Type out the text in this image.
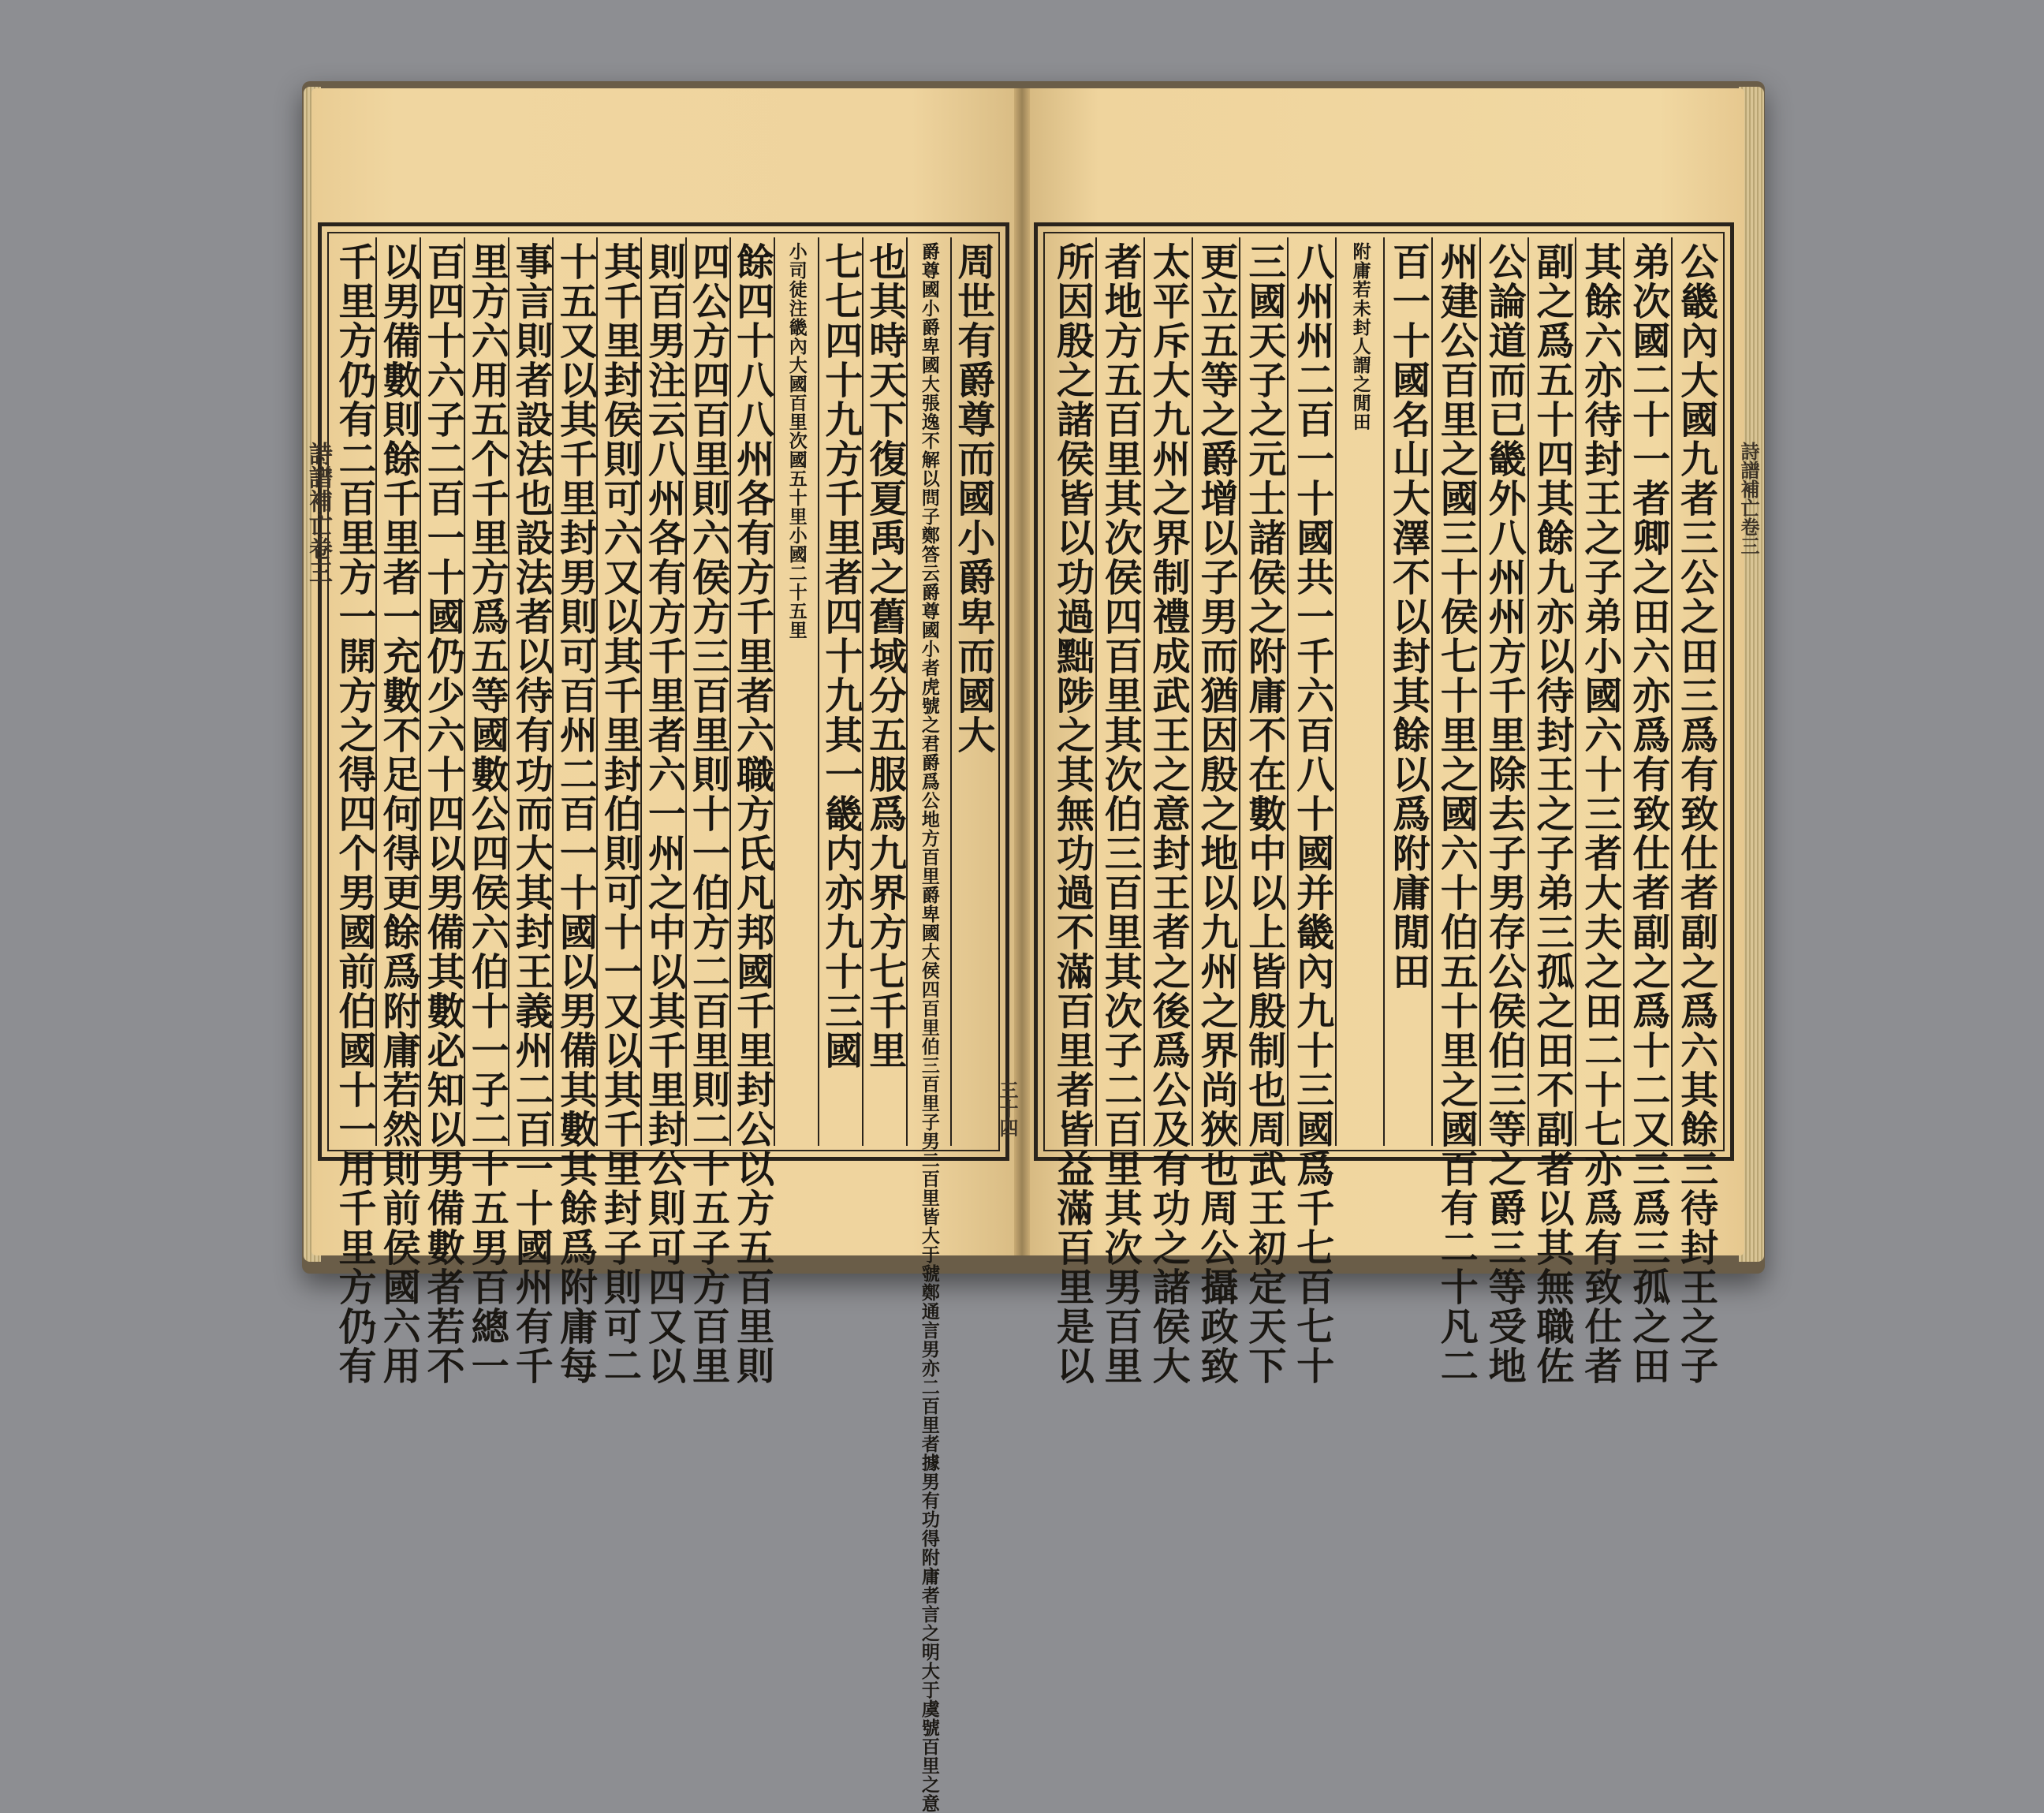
周世有爵尊而國小爵卑而國大
爵尊國小爵卑國大張逸不解以問子鄭答云爵尊國小者虎號之君爵爲公地方百里爵卑國大侯四百里伯三百里子男二百里皆大于虢鄭通言男亦二百里者據男有功得附庸者言之明大于虞號百里之意
也其時天下復夏禹之舊域分五服爲九界方七千里
七七四十九方千里者四十九其一畿内亦九十三國
小司徒注畿內大國百里次國五十里小國二十五里
餘四十八八州各有方千里者六職方氏凡邦國千里封公以方五百里則
四公方四百里則六侯方三百里則十一伯方二百里則二十五子方百里
則百男注云八州各有方千里者六一州之中以其千里封公則可四又以
其千里封侯則可六又以其千里封伯則可十一又以其千里封子則可二
十五又以其千里封男則可百州二百一十國以男備其數其餘爲附庸每
事言則者設法也設法者以待有功而大其封王義州二百一十國州有千
里方六用五个千里方爲五等國數公四侯六伯十一子二十五男百總一
百四十六子二百一十國仍少六十四以男備其數必知以男備數者若不
以男備數則餘千里者一充數不足何得更餘爲附庸若然則前侯國六用
千里方仍有二百里方一開方之得四个男國前伯國十一用千里方仍有	公畿內大國九者三公之田三爲有致仕者副之爲六其餘三待封王之子
弟次國二十一者卿之田六亦爲有致仕者副之爲十二又三爲三孤之田
其餘六亦待封王之子弟小國六十三者大夫之田二十七亦爲有致仕者
副之爲五十四其餘九亦以待封王之子弟三孤之田不副者以其無職佐
公論道而已畿外八州州方千里除去子男存公侯伯三等之爵三等受地
州建公百里之國三十侯七十里之國六十伯五十里之國百有二十凡二
百一十國名山大澤不以封其餘以爲附庸閒田
附庸若未封人謂之閒田
八州州二百一十國共一千六百八十國并畿內九十三國爲千七百七十
三國天子之元士諸侯之附庸不在數中以上皆殷制也周武王初定天下
更立五等之爵增以子男而猶因殷之地以九州之界尚狹也周公攝政致
太平斥大九州之界制禮成武王之意封王者之後爲公及有功之諸侯大
者地方五百里其次侯四百里其次伯三百里其次子二百里其次男百里
所因殷之諸侯皆以功過黜陟之其無功過不滿百里者皆益滿百里是以
詩譜補亡卷三
三十四
詩譜補亡卷三
